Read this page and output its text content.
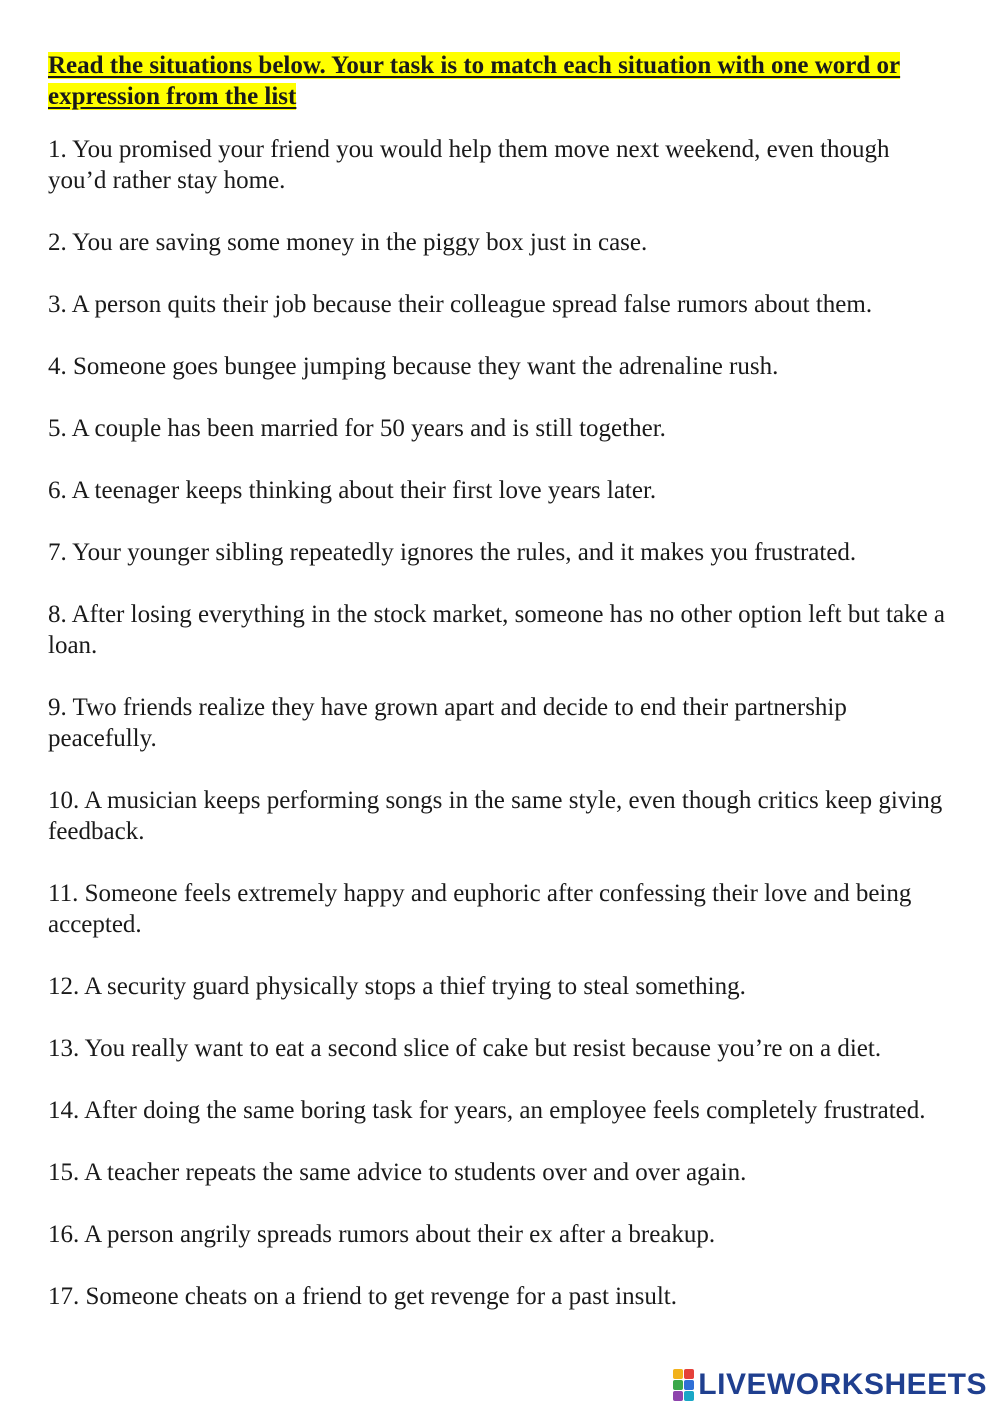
Read the situations below. Your task is to match each situation with one word or expression from the list

1. You promised your friend you would help them move next weekend, even though you’d rather stay home.
2. You are saving some money in the piggy box just in case.
3. A person quits their job because their colleague spread false rumors about them.
4. Someone goes bungee jumping because they want the adrenaline rush.
5. A couple has been married for 50 years and is still together.
6. A teenager keeps thinking about their first love years later.
7. Your younger sibling repeatedly ignores the rules, and it makes you frustrated.
8. After losing everything in the stock market, someone has no other option left but take a loan.
9. Two friends realize they have grown apart and decide to end their partnership peacefully.
10. A musician keeps performing songs in the same style, even though critics keep giving feedback.
11. Someone feels extremely happy and euphoric after confessing their love and being accepted.
12. A security guard physically stops a thief trying to steal something.
13. You really want to eat a second slice of cake but resist because you’re on a diet.
14. After doing the same boring task for years, an employee feels completely frustrated.
15. A teacher repeats the same advice to students over and over again.
16. A person angrily spreads rumors about their ex after a breakup.
17. Someone cheats on a friend to get revenge for a past insult.
LIVEWORKSHEETS
